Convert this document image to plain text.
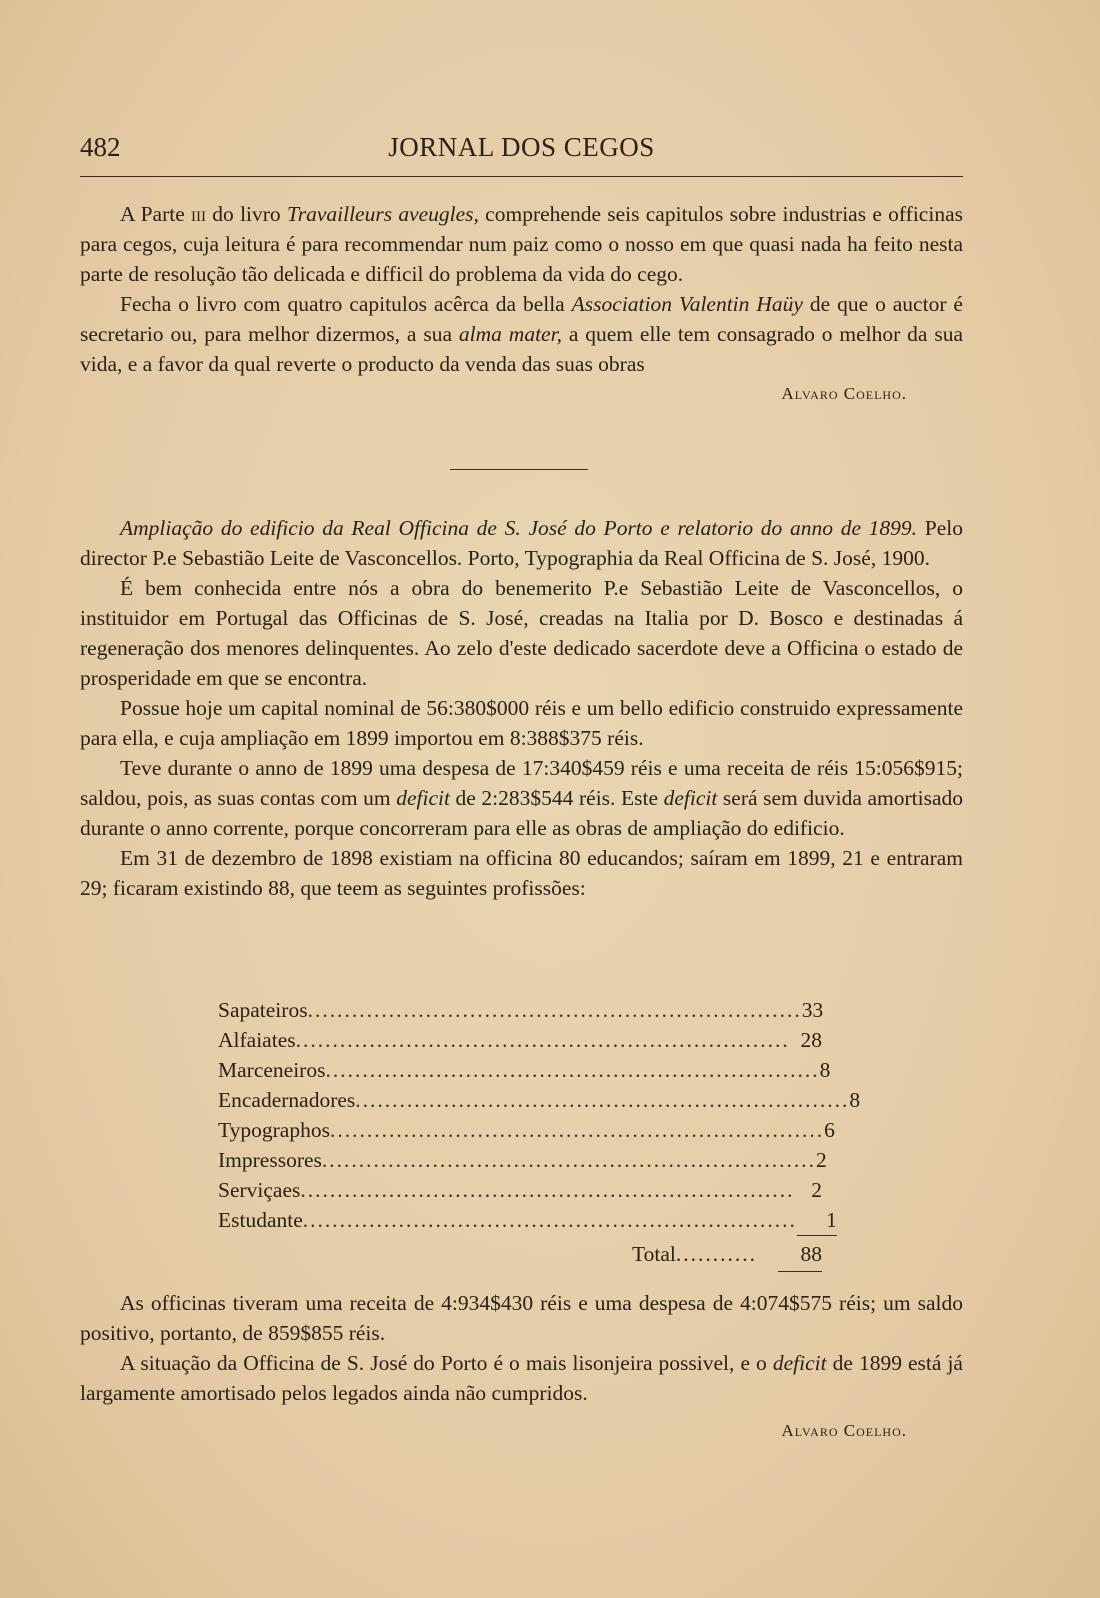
482	JORNAL DOS CEGOS

A Parte iii do livro Travailleurs aveugles, comprehende seis capitulos sobre industrias e officinas para cegos, cuja leitura é para recommendar num paiz como o nosso em que quasi nada ha feito nesta parte de resolução tão delicada e difficil do problema da vida do cego.

Fecha o livro com quatro capitulos acêrca da bella Association Valentin Haüy de que o auctor é secretario ou, para melhor dizermos, a sua alma mater, a quem elle tem consagrado o melhor da sua vida, e a favor da qual reverte o producto da venda das suas obras

Alvaro Coelho.

Ampliação do edificio da Real Officina de S. José do Porto e relatorio do anno de 1899. Pelo director P.e Sebastião Leite de Vasconcellos. Porto, Typographia da Real Officina de S. José, 1900.

É bem conhecida entre nós a obra do benemerito P.e Sebastião Leite de Vasconcellos, o instituidor em Portugal das Officinas de S. José, creadas na Italia por D. Bosco e destinadas á regeneração dos menores delinquentes. Ao zelo d'este dedicado sacerdote deve a Officina o estado de prosperidade em que se encontra.

Possue hoje um capital nominal de 56:380$000 réis e um bello edificio construido expressamente para ella, e cuja ampliação em 1899 importou em 8:388$375 réis.

Teve durante o anno de 1899 uma despesa de 17:340$459 réis e uma receita de réis 15:056$915; saldou, pois, as suas contas com um deficit de 2:283$544 réis. Este deficit será sem duvida amortisado durante o anno corrente, porque concorreram para elle as obras de ampliação do edificio.

Em 31 de dezembro de 1898 existiam na officina 80 educandos; saíram em 1899, 21 e entraram 29; ficaram existindo 88, que teem as seguintes profissões:

Sapateiros ................................................................... 33
Alfaiates ................................................................... 28
Marceneiros ................................................................... 8
Encadernadores ................................................................... 8
Typographos ................................................................... 6
Impressores ................................................................... 2
Serviçaes ................................................................... 2
Estudante ...................................................................	1
Total ...........	88

As officinas tiveram uma receita de 4:934$430 réis e uma despesa de 4:074$575 réis; um saldo positivo, portanto, de 859$855 réis.

A situação da Officina de S. José do Porto é o mais lisonjeira possivel, e o deficit de 1899 está já largamente amortisado pelos legados ainda não cumpridos.

Alvaro Coelho.
